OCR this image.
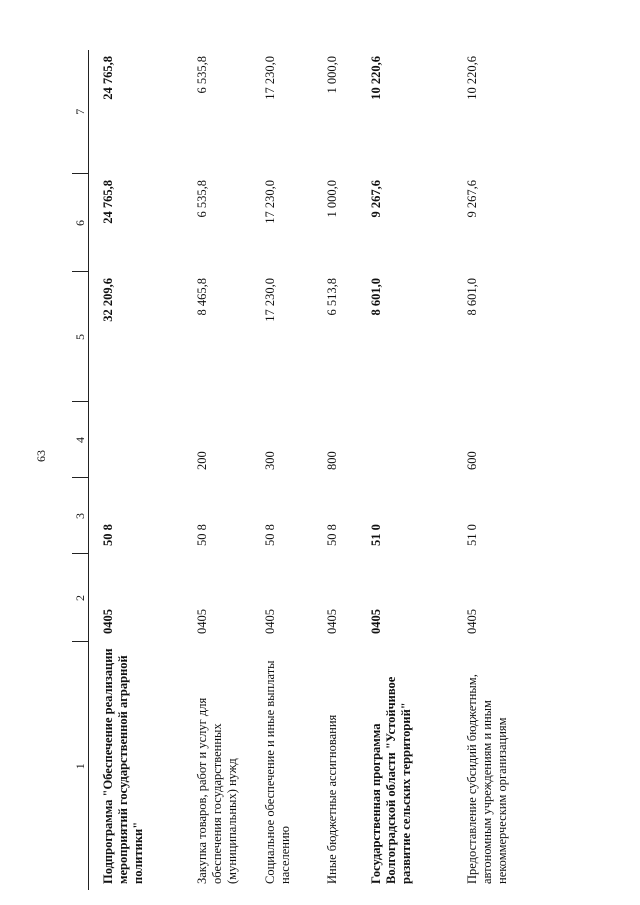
63
1	2	3	4	5	6	7
Подпрограмма "Обеспечение реализации мероприятий государственной аграрной политики"	0405	50 8		32 209,6	24 765,8	24 765,8
Закупка товаров, работ и услуг для обеспечения государственных (муниципальных) нужд	0405	50 8	200	8 465,8	6 535,8	6 535,8
Социальное обеспечение и иные выплаты населению	0405	50 8	300	17 230,0	17 230,0	17 230,0
Иные бюджетные ассигнования	0405	50 8	800	6 513,8	1 000,0	1 000,0
Государственная программа Волгоградской области "Устойчивое развитие сельских территорий"	0405	51 0		8 601,0	9 267,6	10 220,6
Предоставление субсидий бюджетным, автономным учреждениям и иным некоммерческим организациям	0405	51 0	600	8 601,0	9 267,6	10 220,6
